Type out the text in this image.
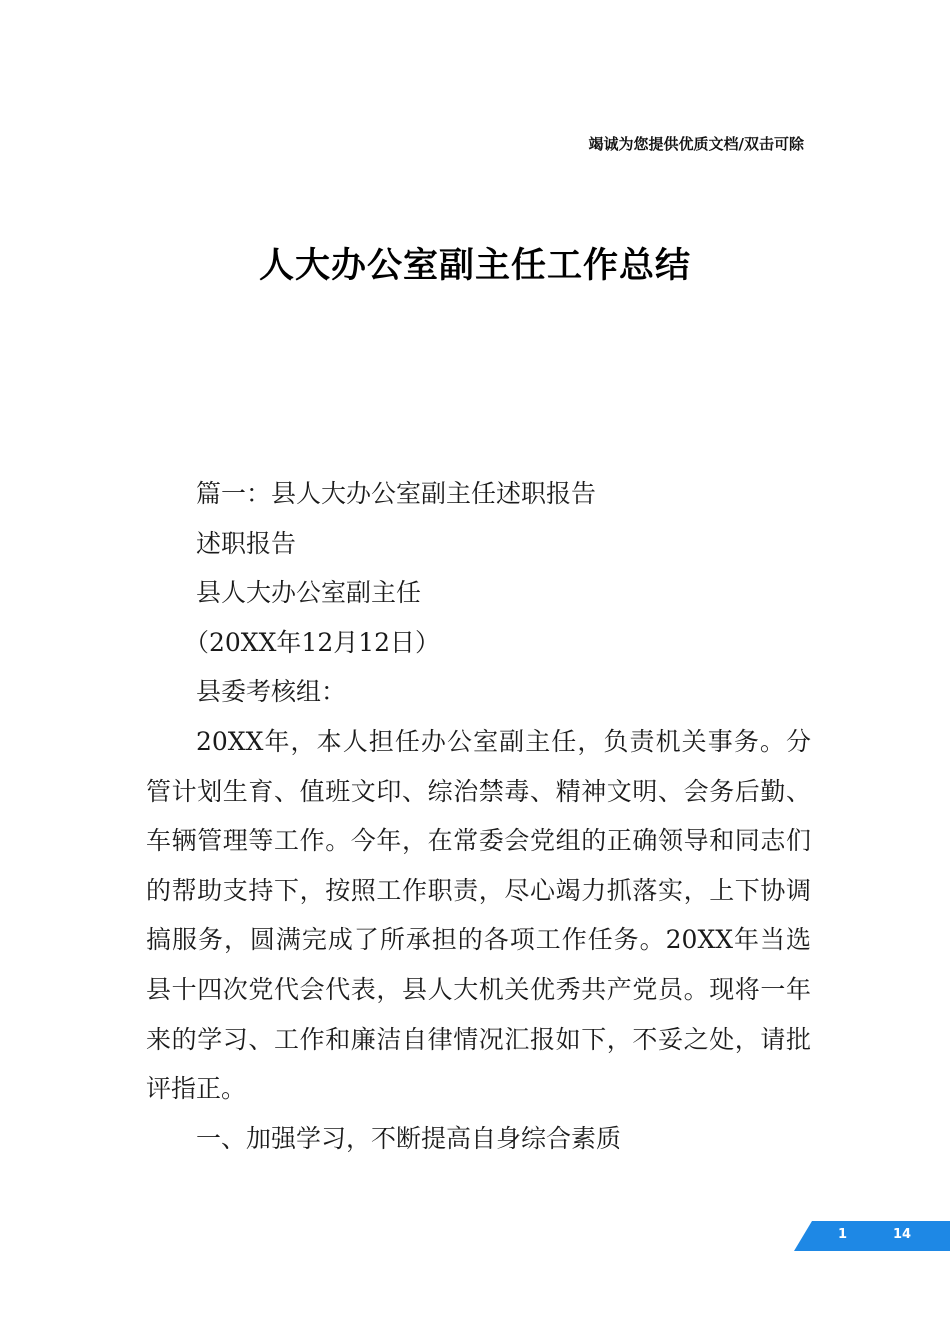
竭诚为您提供优质文档/双击可除
人大办公室副主任工作总结

篇一：县人大办公室副主任述职报告

述职报告

县人大办公室副主任

（20XX年12月12日）

县委考核组：

20XX年，本人担任办公室副主任，负责机关事务。分管计划生育、值班文印、综治禁毒、精神文明、会务后勤、车辆管理等工作。今年，在常委会党组的正确领导和同志们的帮助支持下，按照工作职责，尽心竭力抓落实，上下协调搞服务，圆满完成了所承担的各项工作任务。20XX年当选县十四次党代会代表，县人大机关优秀共产党员。现将一年来的学习、工作和廉洁自律情况汇报如下，不妥之处，请批评指正。

一、加强学习，不断提高自身综合素质

1	14
